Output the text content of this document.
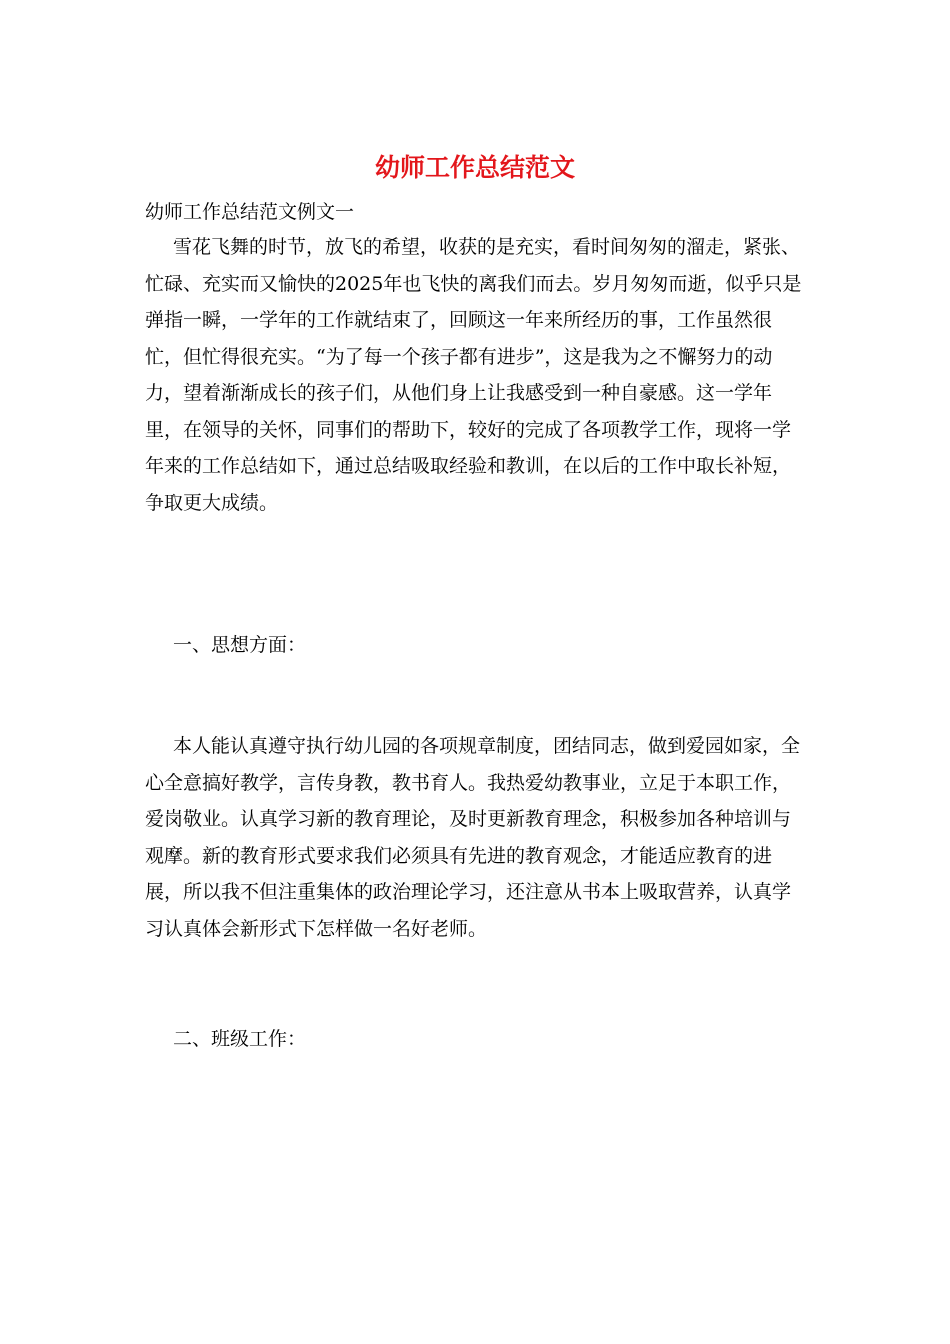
幼师工作总结范文

幼师工作总结范文例文一

雪花飞舞的时节，放飞的希望，收获的是充实，看时间匆匆的溜走，紧张、忙碌、充实而又愉快的2025年也飞快的离我们而去。岁月匆匆而逝，似乎只是弹指一瞬，一学年的工作就结束了，回顾这一年来所经历的事，工作虽然很忙，但忙得很充实。“为了每一个孩子都有进步”，这是我为之不懈努力的动力，望着渐渐成长的孩子们，从他们身上让我感受到一种自豪感。这一学年里，在领导的关怀，同事们的帮助下，较好的完成了各项教学工作，现将一学年来的工作总结如下，通过总结吸取经验和教训，在以后的工作中取长补短，争取更大成绩。

一、思想方面：

本人能认真遵守执行幼儿园的各项规章制度，团结同志，做到爱园如家，全心全意搞好教学，言传身教，教书育人。我热爱幼教事业，立足于本职工作，爱岗敬业。认真学习新的教育理论，及时更新教育理念，积极参加各种培训与观摩。新的教育形式要求我们必须具有先进的教育观念，才能适应教育的进展，所以我不但注重集体的政治理论学习，还注意从书本上吸取营养，认真学习认真体会新形式下怎样做一名好老师。

二、班级工作：
